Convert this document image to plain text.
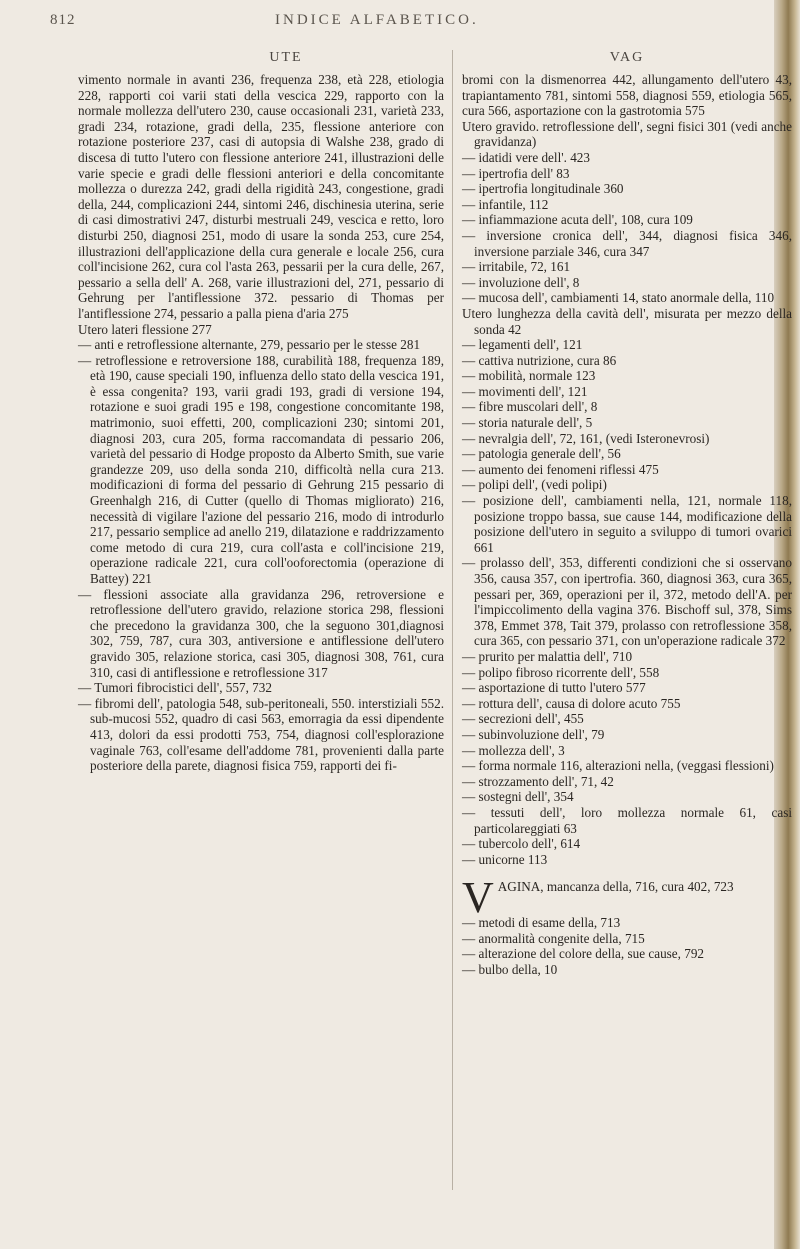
812	INDICE ALFABETICO.
UTE

vimento normale in avanti 236, frequenza 238, età 228, etiologia 228, rapporti coi varii stati della vescica 229, rapporto con la normale mollezza dell'utero 230, cause occasionali 231, varietà 233, gradi 234, rotazione, gradi della, 235, flessione anteriore con rotazione posteriore 237, casi di autopsia di Walshe 238, grado di discesa di tutto l'utero con flessione anteriore 241, illustrazioni delle varie specie e gradi delle flessioni anteriori e della concomitante mollezza o durezza 242, gradi della rigidità 243, congestione, gradi della, 244, complicazioni 244, sintomi 246, dischinesia uterina, serie di casi dimostrativi 247, disturbi mestruali 249, vescica e retto, loro disturbi 250, diagnosi 251, modo di usare la sonda 253, cure 254, illustrazioni dell'applicazione della cura generale e locale 256, cura coll'incisione 262, cura col l'asta 263, pessarii per la cura delle, 267, pessario a sella dell' A. 268, varie illustrazioni del, 271, pessario di Gehrung per l'antiflessione 372. pessario di Thomas per l'antiflessione 274, pessario a palla piena d'aria 275

Utero lateri flessione 277

— anti e retroflessione alternante, 279, pessario per le stesse 281

— retroflessione e retroversione 188, curabilità 188, frequenza 189, età 190, cause speciali 190, influenza dello stato della vescica 191, è essa congenita? 193, varii gradi 193, gradi di versione 194, rotazione e suoi gradi 195 e 198, congestione concomitante 198, matrimonio, suoi effetti, 200, complicazioni 230; sintomi 201, diagnosi 203, cura 205, forma raccomandata di pessario 206, varietà del pessario di Hodge proposto da Alberto Smith, sue varie grandezze 209, uso della sonda 210, difficoltà nella cura 213. modificazioni di forma del pessario di Gehrung 215 pessario di Greenhalgh 216, di Cutter (quello di Thomas migliorato) 216, necessità di vigilare l'azione del pessario 216, modo di introdurlo 217, pessario semplice ad anello 219, dilatazione e raddrizzamento come metodo di cura 219, cura coll'asta e coll'incisione 219, operazione radicale 221, cura coll'ooforectomia (operazione di Battey) 221

— flessioni associate alla gravidanza 296, retroversione e retroflessione dell'utero gravido, relazione storica 298, flessioni che precedono la gravidanza 300, che la seguono 301,diagnosi 302, 759, 787, cura 303, antiversione e antiflessione dell'utero gravido 305, relazione storica, casi 305, diagnosi 308, 761, cura 310, casi di antiflessione e retroflessione 317

— Tumori fibrocistici dell', 557, 732

— fibromi dell', patologia 548, sub-peritoneali, 550. interstiziali 552. sub-mucosi 552, quadro di casi 563, emorragia da essi dipendente 413, dolori da essi prodotti 753, 754, diagnosi coll'esplorazione vaginale 763, coll'esame dell'addome 781, provenienti dalla parte posteriore della parete, diagnosi fisica 759, rapporti dei fi-

VAG

bromi con la dismenorrea 442, allungamento dell'utero 43, trapiantamento 781, sintomi 558, diagnosi 559, etiologia 565, cura 566, asportazione con la gastrotomia 575

Utero gravido. retroflessione dell', segni fisici 301 (vedi anche gravidanza)

— idatidi vere dell'. 423

— ipertrofia dell' 83

— ipertrofia longitudinale 360

— infantile, 112

— infiammazione acuta dell', 108, cura 109

— inversione cronica dell', 344, diagnosi fisica 346, inversione parziale 346, cura 347

— irritabile, 72, 161

— involuzione dell', 8

— mucosa dell', cambiamenti 14, stato anormale della, 110

Utero lunghezza della cavità dell', misurata per mezzo della sonda 42

— legamenti dell', 121

— cattiva nutrizione, cura 86

— mobilità, normale 123

— movimenti dell', 121

— fibre muscolari dell', 8

— storia naturale dell', 5

— nevralgia dell', 72, 161, (vedi Isteronevrosi)

— patologia generale dell', 56

— aumento dei fenomeni riflessi 475

— polipi dell', (vedi polipi)

— posizione dell', cambiamenti nella, 121, normale 118, posizione troppo bassa, sue cause 144, modificazione della posizione dell'utero in seguito a sviluppo di tumori ovarici 661

— prolasso dell', 353, differenti condizioni che si osservano 356, causa 357, con ipertrofia. 360, diagnosi 363, cura 365, pessari per, 369, operazioni per il, 372, metodo dell'A. per l'impiccolimento della vagina 376. Bischoff sul, 378, Sims 378, Emmet 378, Tait 379, prolasso con retroflessione 358, cura 365, con pessario 371, con un'operazione radicale 372

— prurito per malattia dell', 710

— polipo fibroso ricorrente dell', 558

— asportazione di tutto l'utero 577

— rottura dell', causa di dolore acuto 755

— secrezioni dell', 455

— subinvoluzione dell', 79

— mollezza dell', 3

— forma normale 116, alterazioni nella, (veggasi flessioni)

— strozzamento dell', 71, 42

— sostegni dell', 354

— tessuti dell', loro mollezza normale 61, casi particolareggiati 63

— tubercolo dell', 614

— unicorne 113

V AGINA, mancanza della, 716, cura 402, 723

— metodi di esame della, 713

— anormalità congenite della, 715

— alterazione del colore della, sue cause, 792

— bulbo della, 10
